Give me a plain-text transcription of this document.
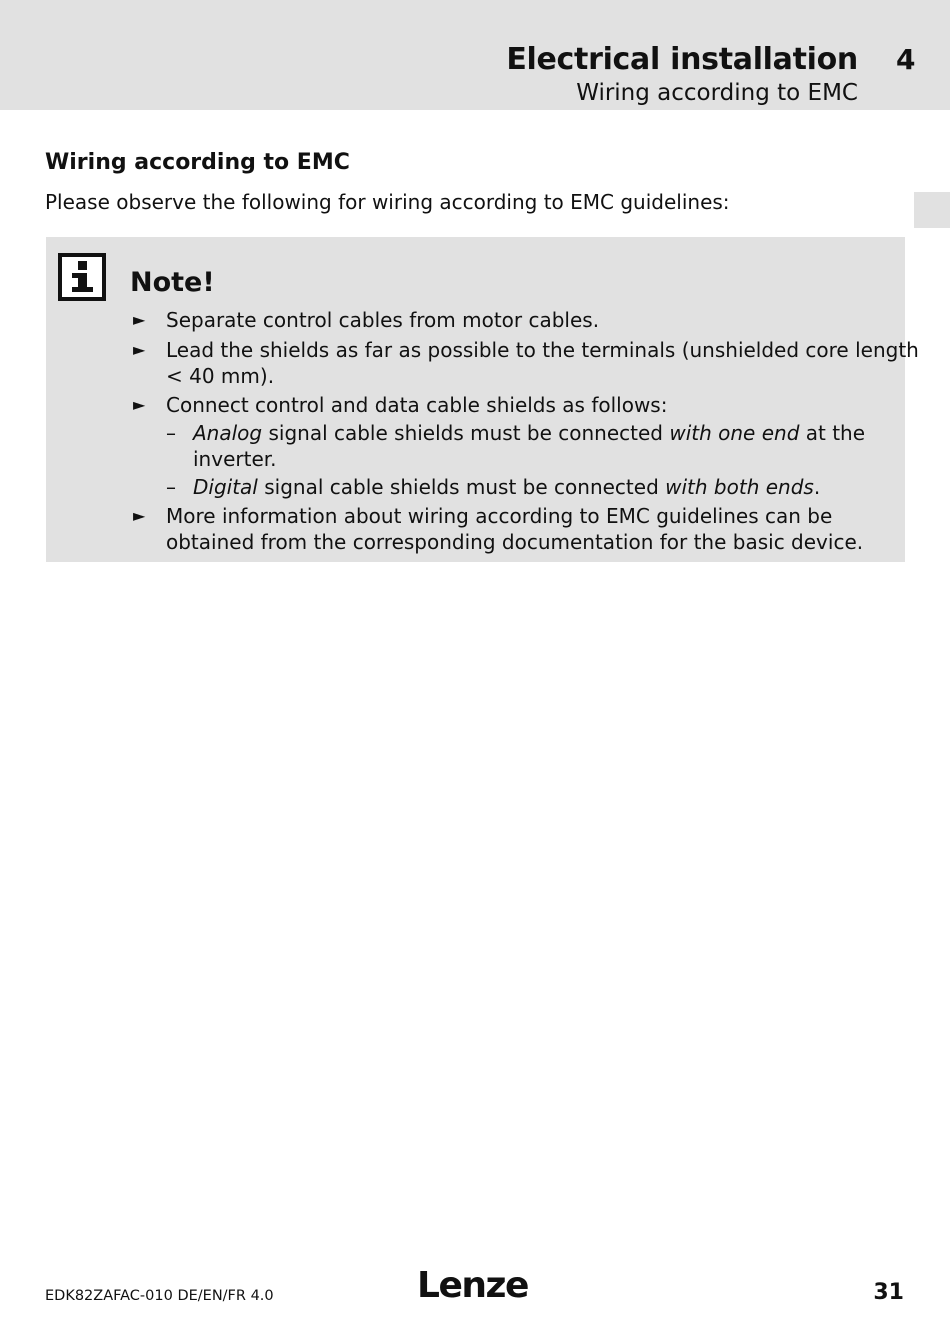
Electrical installation 4
Wiring according to EMC
Wiring according to EMC
Please observe the following for wiring according to EMC guidelines:
Note!
► Separate control cables from motor cables.
► Lead the shields as far as possible to the terminals (unshielded core length
< 40 mm).
► Connect control and data cable shields as follows:
– Analog signal cable shields must be connected with one end at the
inverter.
– Digital signal cable shields must be connected with both ends.
► More information about wiring according to EMC guidelines can be
obtained from the corresponding documentation for the basic device.
EDK82ZAFAC-010 DE/EN/FR 4.0	Lenze	31
